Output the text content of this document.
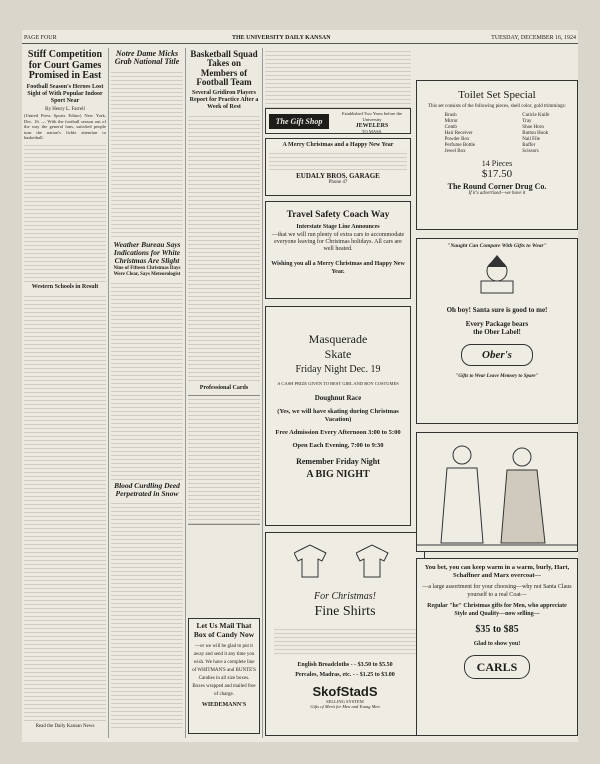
PAGE FOUR	THE UNIVERSITY DAILY KANSAN	TUESDAY, DECEMBER 16, 1924
Stiff Competition for Court Games Promised in East
Football Season's Heroes Lost Sight of With Popular Indoor Sport Near
By Henry L. Farrell
(United Press Sports Editor) New York, Dec. 16. — With the football season out of the way the general fans, satisfied people turn the nation's fickle attention to basketball.
Western Schools in Result
Read the Daily Kansan News
Notre Dame Micks Grab National Title
Weather Bureau Says Indications for White Christmas Are Slight
Nine of Fifteen Christmas Days Were Clear, Says Meteorologist
Blood Curdling Deed Perpetrated in Snow
Basketball Squad Takes on Members of Football Team
Several Gridiron Players Report for Practice After a Week of Rest
Professional Cards
Let Us Mail That Box of Candy Now
—or we will be glad to put it away and send it any time you wish. We have a complete line of WHITMAN'S and BUNTE'S Candies in all size boxes. Boxes wrapped and mailed free of charge.
WIEDEMANN'S
The Gift Shop
Established Two Years before the University
JEWELERS
TO MASS.
A Merry Christmas and a Happy New Year
EUDALY BROS. GARAGE
Phone 47
Travel Safety Coach Way
Interstate Stage Line Announces
—that we will run plenty of extra cars to accommodate everyone leaving for Christmas holidays. All cars are well heated.
Wishing you all a Merry Christmas and Happy New Year.
Masquerade
Skate
Friday Night Dec. 19
A CASH PRIZE GIVEN TO BEST GIRL AND BOY COSTUMES
Doughnut Race
(Yes, we will have skating during Christmas Vacation)
Free Admission Every Afternoon 3:00 to 5:00
Open Each Evening, 7:00 to 9:30
Remember Friday Night
A BIG NIGHT
For Christmas!
Fine Shirts
English Broadcloths - - $3.50 to $5.50
Percales, Madras, etc. - - $1.25 to $3.00
SkofStadS
SELLING SYSTEM
Gifts of Merit for Men and Young Men
Toilet Set Special
This set consists of the following pieces, shell color, gold trimmings:
Brush
Mirror
Comb
Hair Receiver
Powder Box
Perfume Bottle
Jewel Box
Cuticle Knife
Tray
Shoe Horn
Button Hook
Nail File
Buffer
Scissors
14 Pieces
$17.50
The Round Corner Drug Co.
If it's advertised—we have it
"Naught Can Compare With Gifts to Wear"
Oh boy! Santa sure is good to me!
Every Package bears
the Ober Label!
Ober's
"Gifts to Wear Leave Memory to Spare"
You bet, you can keep warm in a warm, burly, Hart, Schaffner and Marx overcoat—
—a large assortment for your choosing—why not Santa Claus yourself to a real Coat—
Regular "he" Christmas gifts for Men, who appreciate Style and Quality—now selling—
$35 to $85
Glad to show you!
CARLS
